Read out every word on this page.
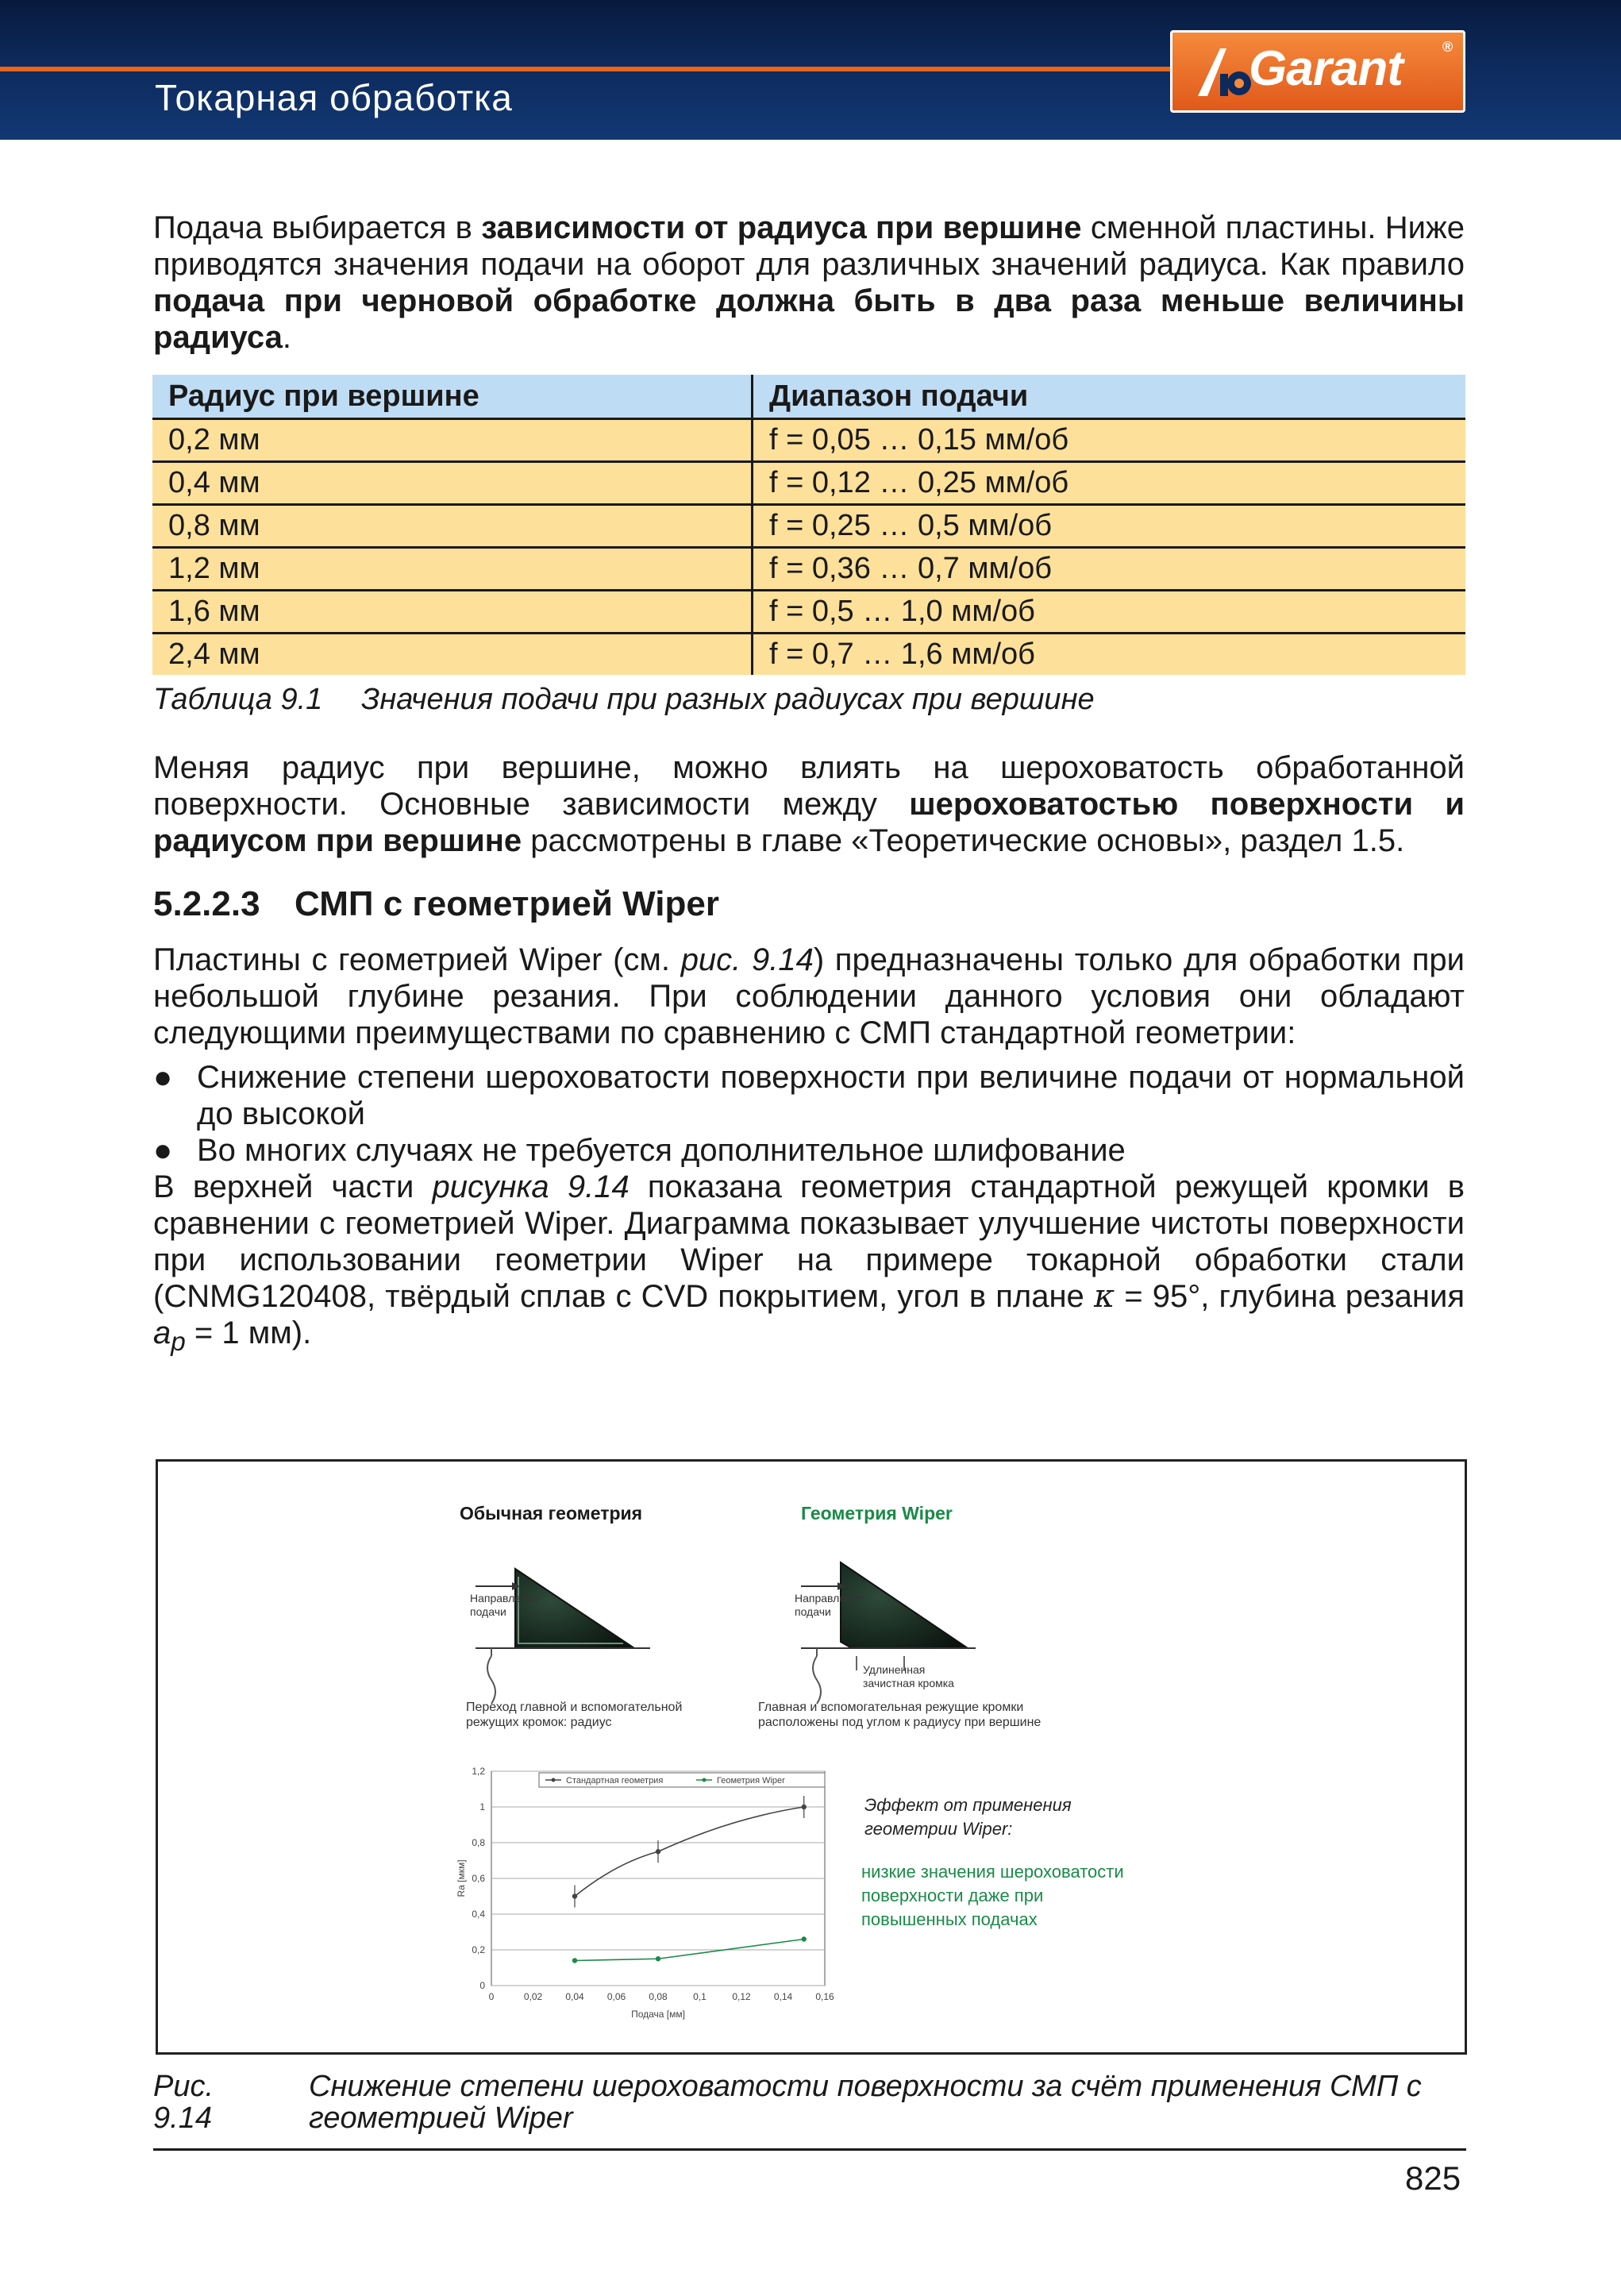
Токарная обработка
Garant	®
Подача выбирается в зависимости от радиуса при вершине сменной пластины. Ниже приводятся значения подачи на оборот для различных значений радиуса. Как правило подача при черновой обработке должна быть в два раза меньше величины радиуса.
Радиус при вершине	Диапазон подачи
0,2 мм	f = 0,05 … 0,15 мм/об
0,4 мм	f = 0,12 … 0,25 мм/об
0,8 мм	f = 0,25 … 0,5 мм/об
1,2 мм	f = 0,36 … 0,7 мм/об
1,6 мм	f = 0,5 … 1,0 мм/об
2,4 мм	f = 0,7 … 1,6 мм/об
Таблица 9.1 Значения подачи при разных радиусах при вершине
Меняя радиус при вершине, можно влиять на шероховатость обработанной поверхности. Основные зависимости между шероховатостью поверхности и радиусом при вершине рассмотрены в главе «Теоретические основы», раздел 1.5.
5.2.2.3 СМП с геометрией Wiper
Пластины с геометрией Wiper (см. рис. 9.14) предназначены только для обработки при небольшой глубине резания. При соблюдении данного условия они обладают следующими преимуществами по сравнению с СМП стандартной геометрии:
● Снижение степени шероховатости поверхности при величине подачи от нормальной до высокой
● Во многих случаях не требуется дополнительное шлифование
В верхней части рисунка 9.14 показана геометрия стандартной режущей кромки в сравнении с геометрией Wiper. Диаграмма показывает улучшение чистоты поверхности при использовании геометрии Wiper на примере токарной обработки стали (CNMG120408, твёрдый сплав с CVD покрытием, угол в плане κ = 95°, глубина резания $a_p = 1$ мм).
Обычная геометрия	Геометрия Wiper
Направление
подачи
Переход главной и вспомогательной
режущих кромок: радиус
Направление
подачи
Удлиненная
зачистная кромка
Главная и вспомогательная режущие кромки
расположены под углом к радиусу при вершине
0
0,2
0,4
0,6
0,8
1
1,2
0	0,02 0,04 0,06 0,08	0,1	0,12 0,14 0,16
Стандартная геометрия	Геометрия Wiper
Подача [мм]
Ra [мкм]
Эффект от применения
геометрии Wiper:
низкие значения шероховатости
поверхности даже при
повышенных подачах
Рис. 9.14
Снижение степени шероховатости поверхности за счёт применения СМП с геометрией Wiper
825
